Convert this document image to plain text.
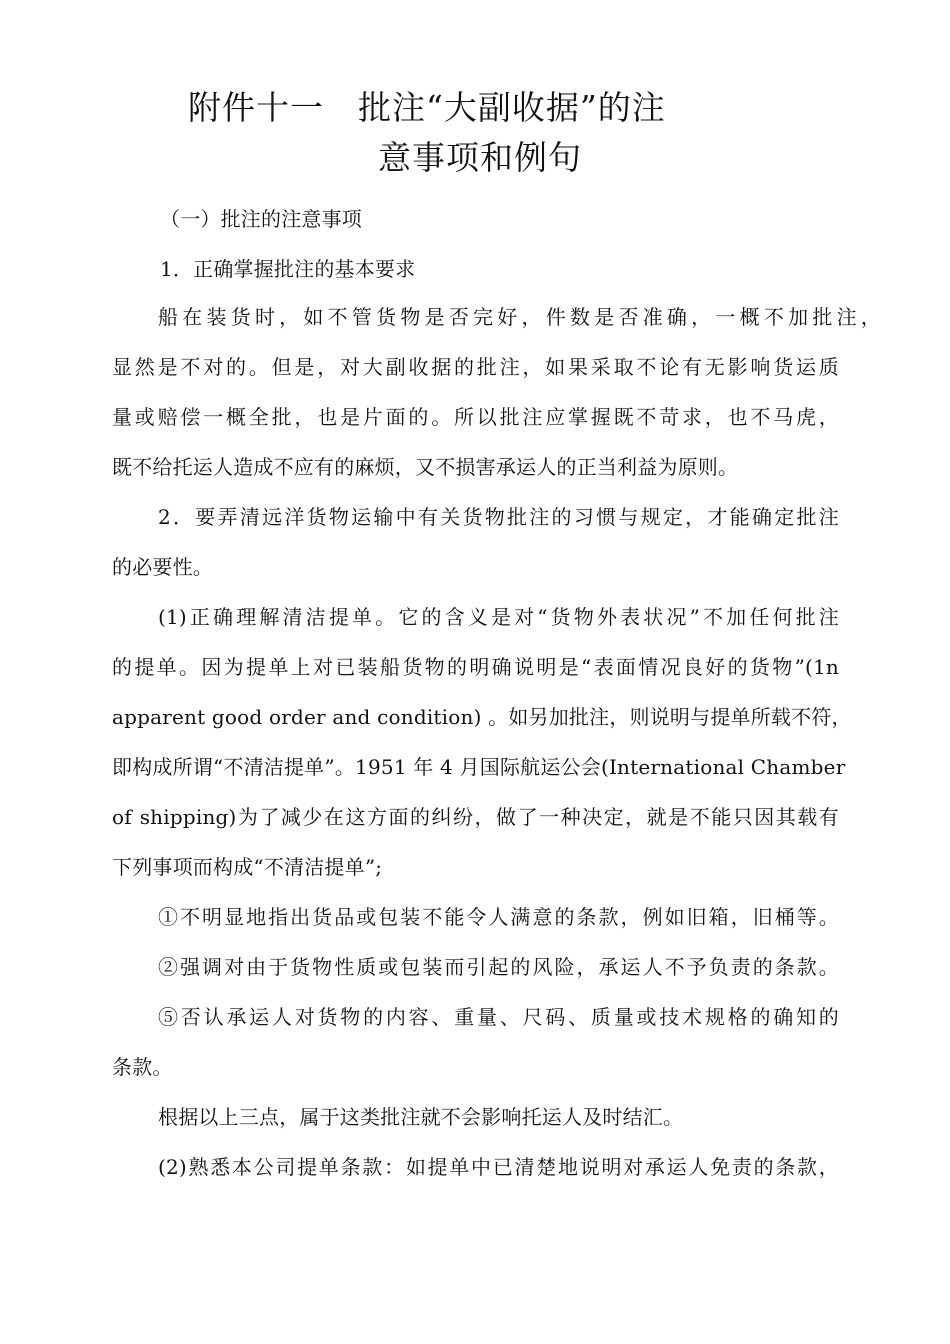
附件十一　批注“大副收据”的注
意事项和例句
（一）批注的注意事项
1．正确掌握批注的基本要求
船在装货时，如不管货物是否完好，件数是否准确，一概不加批注，
显然是不对的。但是，对大副收据的批注，如果采取不论有无影响货运质
量或赔偿一概全批，也是片面的。所以批注应掌握既不苛求，也不马虎，
既不给托运人造成不应有的麻烦，又不损害承运人的正当利益为原则。
2．要弄清远洋货物运输中有关货物批注的习惯与规定，才能确定批注
的必要性。
(1)正确理解清洁提单。它的含义是对“货物外表状况”不加任何批注
的提单。因为提单上对已装船货物的明确说明是“表面情况良好的货物”(1n
apparent good order and condition) 。如另加批注，则说明与提单所载不符，
即构成所谓“不清洁提单”。1951 年 4 月国际航运公会(International Chamber
of shipping)为了减少在这方面的纠纷，做了一种决定，就是不能只因其载有
下列事项而构成“不清洁提单”;
①不明显地指出货品或包装不能令人满意的条款，例如旧箱，旧桶等。
②强调对由于货物性质或包装而引起的风险，承运人不予负责的条款。
⑤否认承运人对货物的内容、重量、尺码、质量或技术规格的确知的
条款。
根据以上三点，属于这类批注就不会影响托运人及时结汇。
(2)熟悉本公司提单条款：如提单中已清楚地说明对承运人免责的条款，
